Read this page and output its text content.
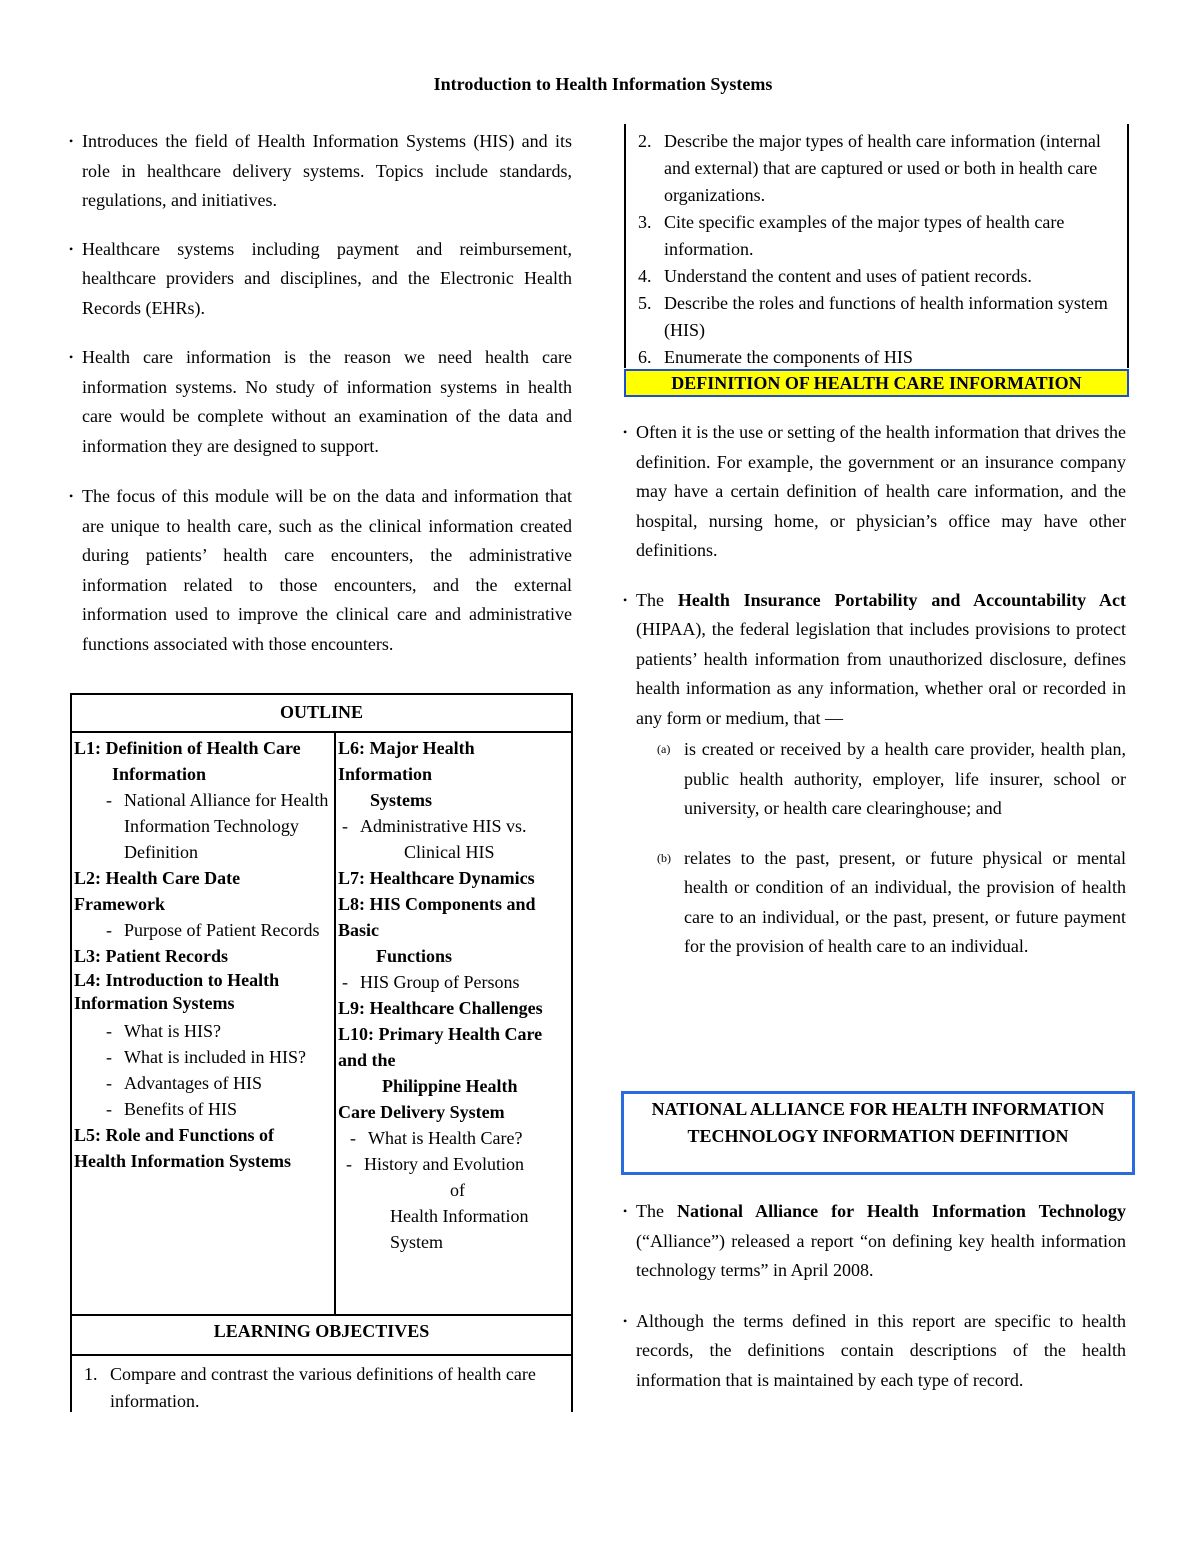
Introduction to Health Information Systems

• Introduces the field of Health Information Systems (HIS) and its role in healthcare delivery systems. Topics include standards, regulations, and initiatives.

• Healthcare systems including payment and reimbursement, healthcare providers and disciplines, and the Electronic Health Records (EHRs).

• Health care information is the reason we need health care information systems. No study of information systems in health care would be complete without an examination of the data and information they are designed to support.

• The focus of this module will be on the data and information that are unique to health care, such as the clinical information created during patients’ health care encounters, the administrative information related to those encounters, and the external information used to improve the clinical care and administrative functions associated with those encounters.

OUTLINE
L1: Definition of Health Care
Information
- National Alliance for Health Information Technology Definition
L2: Health Care Date Framework
- Purpose of Patient Records
L3: Patient Records
L4: Introduction to Health Information Systems
- What is HIS?
- What is included in HIS?
- Advantages of HIS
- Benefits of HIS
L5: Role and Functions of Health Information Systems
L6: Major Health Information
Systems
- Administrative HIS vs.
Clinical HIS
L7: Healthcare Dynamics
L8: HIS Components and Basic
Functions
- HIS Group of Persons
L9: Healthcare Challenges
L10: Primary Health Care and the
Philippine Health
Care Delivery System
- What is Health Care?
- History and Evolution
of
Health Information
System
LEARNING OBJECTIVES
1. Compare and contrast the various definitions of health care information.
2. Describe the major types of health care information (internal and external) that are captured or used or both in health care organizations.
3. Cite specific examples of the major types of health care information.
4. Understand the content and uses of patient records.
5. Describe the roles and functions of health information system (HIS)
6. Enumerate the components of HIS
DEFINITION OF HEALTH CARE INFORMATION

• Often it is the use or setting of the health information that drives the definition. For example, the government or an insurance company may have a certain definition of health care information, and the hospital, nursing home, or physician’s office may have other definitions.

• The Health Insurance Portability and Accountability Act (HIPAA), the federal legislation that includes provisions to protect patients’ health information from unauthorized disclosure, defines health information as any information, whether oral or recorded in any form or medium, that —

(a) is created or received by a health care provider, health plan, public health authority, employer, life insurer, school or university, or health care clearinghouse; and
(b) relates to the past, present, or future physical or mental health or condition of an individual, the provision of health care to an individual, or the past, present, or future payment for the provision of health care to an individual.
NATIONAL ALLIANCE FOR HEALTH INFORMATION TECHNOLOGY INFORMATION DEFINITION

• The National Alliance for Health Information Technology (“Alliance”) released a report “on defining key health information technology terms” in April 2008.

• Although the terms defined in this report are specific to health records, the definitions contain descriptions of the health information that is maintained by each type of record.
